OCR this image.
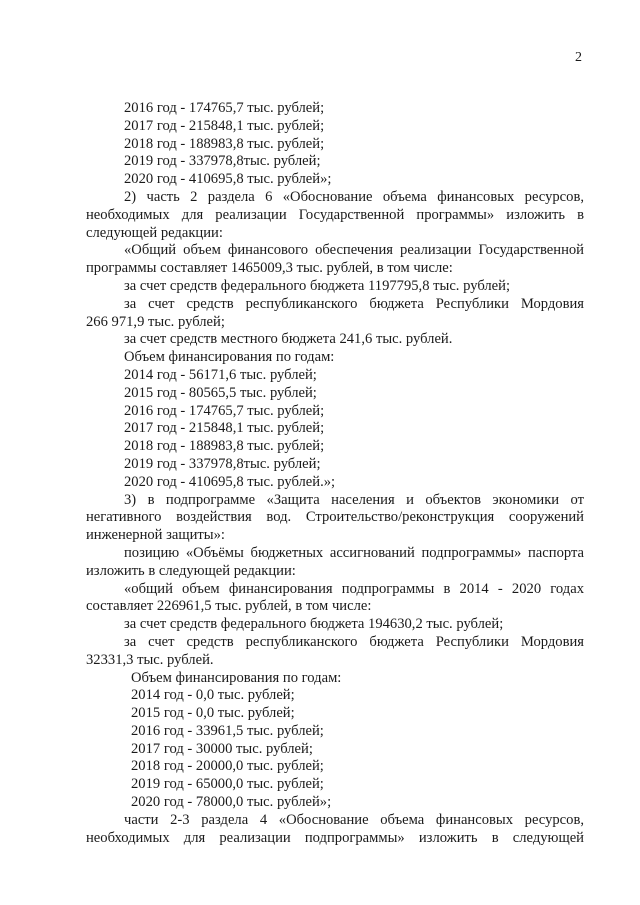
2
2016 год - 174765,7 тыс. рублей;
2017 год - 215848,1 тыс. рублей;
2018 год - 188983,8 тыс. рублей;
2019 год - 337978,8тыс. рублей;
2020 год - 410695,8 тыс. рублей»;
2) часть 2 раздела 6 «Обоснование объема финансовых ресурсов,
необходимых для реализации Государственной программы» изложить в
следующей редакции:
«Общий объем финансового обеспечения реализации Государственной
программы составляет 1465009,3 тыс. рублей, в том числе:
за счет средств федерального бюджета 1197795,8 тыс. рублей;
за счет средств республиканского бюджета Республики Мордовия
266 971,9 тыс. рублей;
за счет средств местного бюджета 241,6 тыс. рублей.
Объем финансирования по годам:
2014 год - 56171,6 тыс. рублей;
2015 год - 80565,5 тыс. рублей;
2016 год - 174765,7 тыс. рублей;
2017 год - 215848,1 тыс. рублей;
2018 год - 188983,8 тыс. рублей;
2019 год - 337978,8тыс. рублей;
2020 год - 410695,8 тыс. рублей.»;
3) в подпрограмме «Защита населения и объектов экономики от
негативного воздействия вод. Строительство/реконструкция сооружений
инженерной защиты»:
позицию «Объёмы бюджетных ассигнований подпрограммы» паспорта
изложить в следующей редакции:
«общий объем финансирования подпрограммы в 2014 - 2020 годах
составляет 226961,5 тыс. рублей, в том числе:
за счет средств федерального бюджета 194630,2 тыс. рублей;
за счет средств республиканского бюджета Республики Мордовия
32331,3 тыс. рублей.
Объем финансирования по годам:
2014 год - 0,0 тыс. рублей;
2015 год - 0,0 тыс. рублей;
2016 год - 33961,5 тыс. рублей;
2017 год - 30000 тыс. рублей;
2018 год - 20000,0 тыс. рублей;
2019 год - 65000,0 тыс. рублей;
2020 год - 78000,0 тыс. рублей»;
части 2-3 раздела 4 «Обоснование объема финансовых ресурсов,
необходимых для реализации подпрограммы» изложить в следующей
